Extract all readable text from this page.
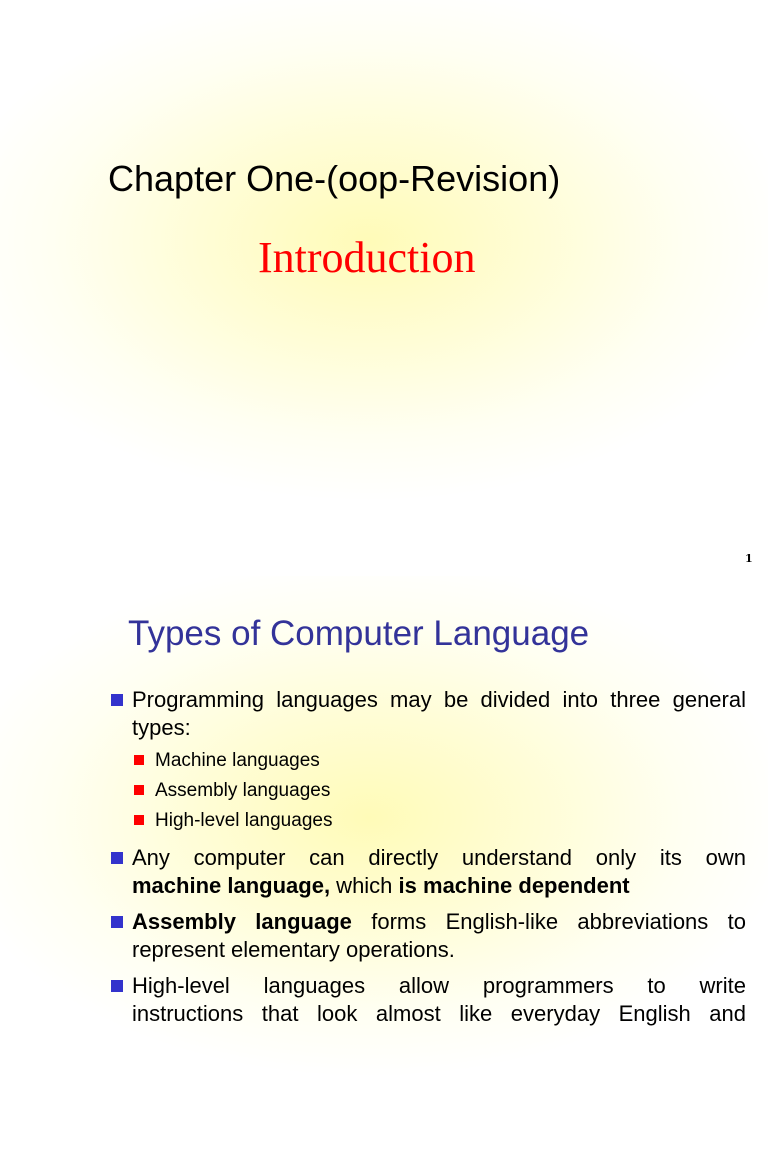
Chapter One-(oop-Revision)
Introduction
1
Types of Computer Language
Programming languages may be divided into three general types:
Machine languages
Assembly languages
High-level languages
Any computer can directly understand only its own
machine language, which is machine dependent
Assembly language forms English-like abbreviations to
represent elementary operations.
High-level languages allow programmers to write
instructions that look almost like everyday English and
